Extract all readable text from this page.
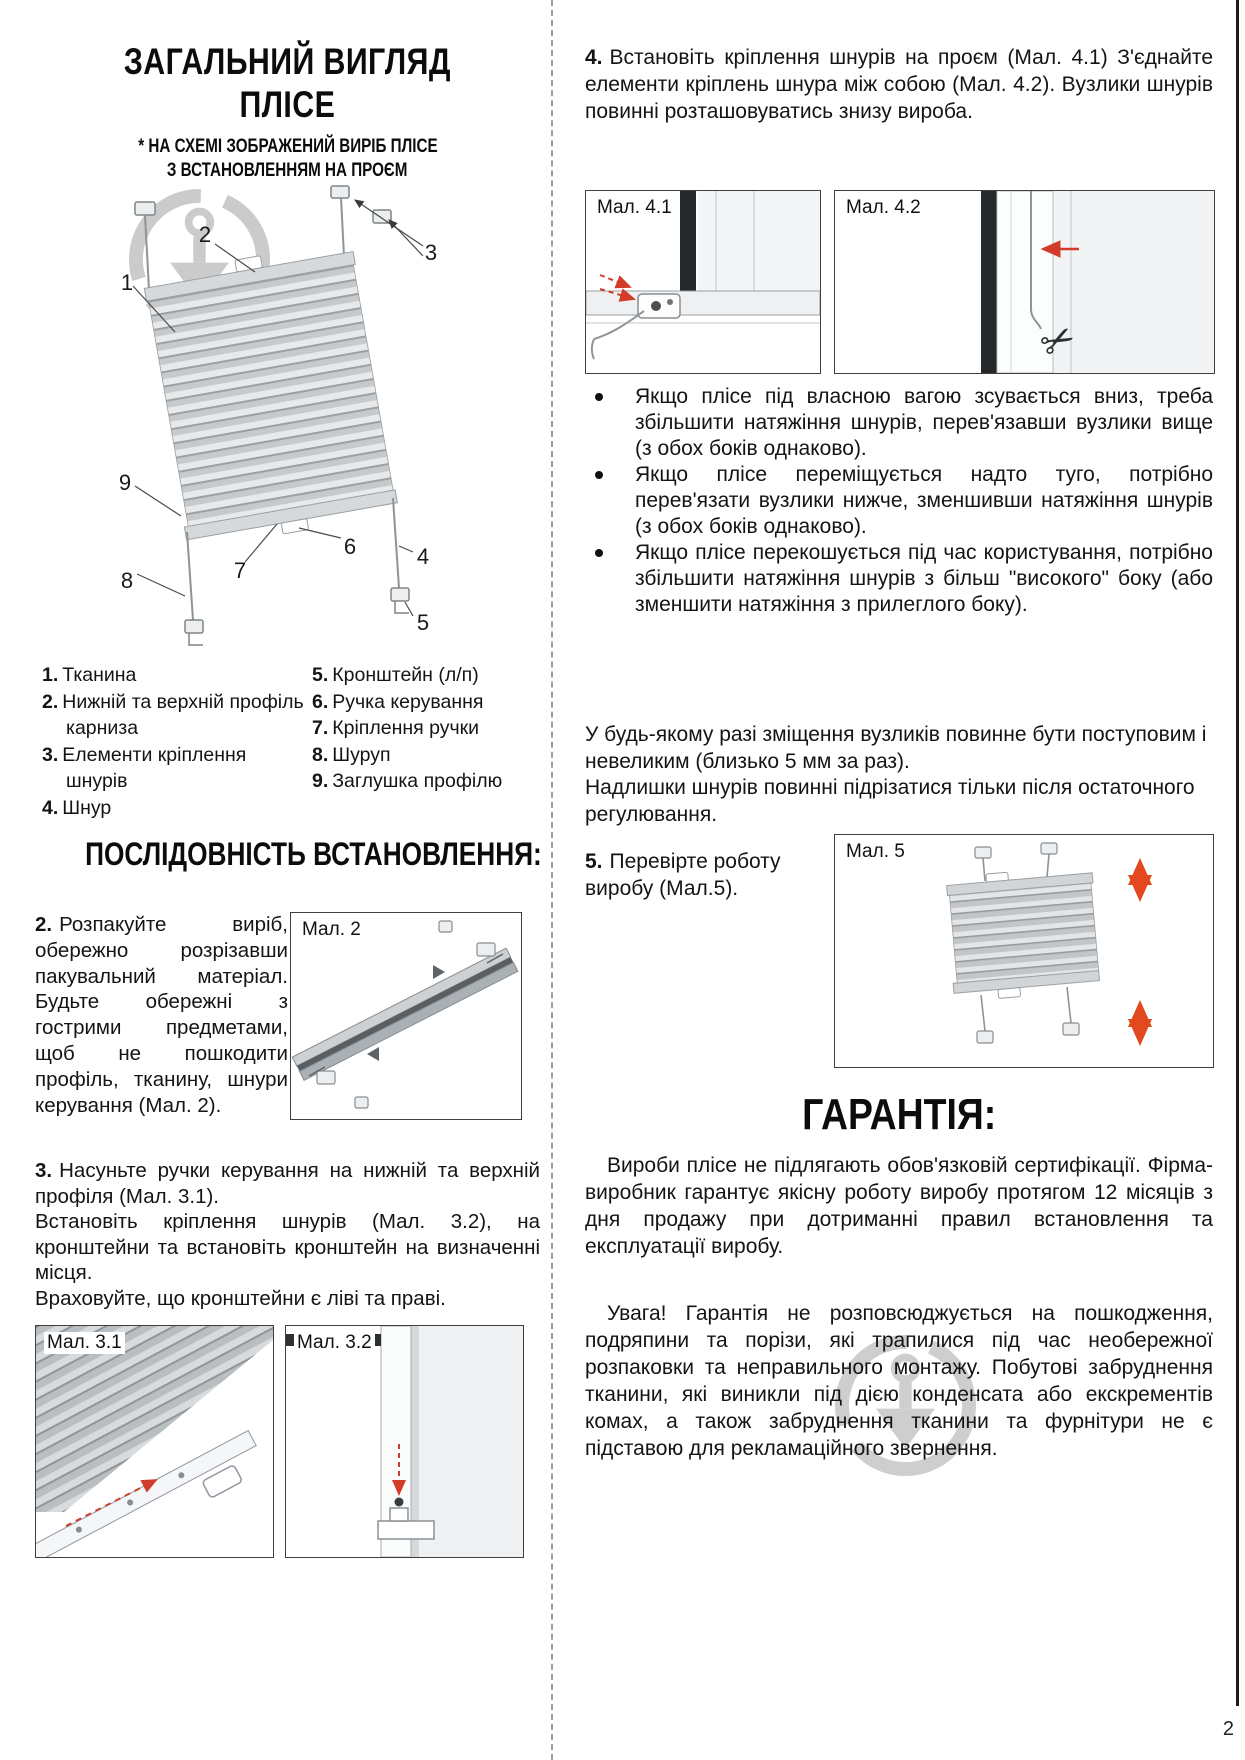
2
ЗАГАЛЬНИЙ ВИГЛЯД
ПЛІСЕ
* НА СХЕМІ ЗОБРАЖЕНИЙ ВИРІБ ПЛІСЕ
З ВСТАНОВЛЕННЯМ НА ПРОЄМ
1
2
3
4
5
6
7
8
9
1. Тканина
2. Нижній та верхній профіль карниза
3. Елементи кріплення шнурів
4. Шнур
5. Кронштейн (л/п)
6. Ручка керування
7. Кріплення ручки
8. Шуруп
9. Заглушка профілю
ПОСЛІДОВНІСТЬ ВСТАНОВЛЕННЯ:
2. Розпакуйте виріб, обережно розрізавши пакувальний матеріал. Будьте обережні з гострими предметами, щоб не пошкодити профіль, тканину, шнури керування (Мал. 2).
Мал. 2

3. Насуньте ручки керування на нижній та верхній профіля (Мал. 3.1).

Встановіть кріплення шнурів (Мал. 3.2), на кронштейни та встановіть кронштейн на визначенні місця.

Враховуйте, що кронштейни є ліві та праві.

Мал. 3.1	Мал. 3.2
4. Встановіть кріплення шнурів на проєм (Мал. 4.1) З'єднайте елементи кріплень шнура між собою (Мал. 4.2). Вузлики шнурів повинні розташовуватись знизу вироба.
Мал. 4.1	Мал. 4.2
✂
Якщо плісе під власною вагою зсувається вниз, треба збільшити натяжіння шнурів, перев'язавши вузлики вище (з обох боків однаково).
Якщо плісе переміщується надто туго, потрібно перев'язати вузлики нижче, зменшивши натяжіння шнурів (з обох боків однаково).
Якщо плісе перекошується під час користування, потрібно збільшити натяжіння шнурів з більш "високого" боку (або зменшити натяжіння з прилеглого боку).

У будь-якому разі зміщення вузликів повинне бути поступовим і невеликим (близько 5 мм за раз).

Надлишки шнурів повинні підрізатися тільки після остаточного регулювання.

5. Перевірте роботу виробу (Мал.5).
Мал. 5
ГАРАНТІЯ:
Вироби плісе не підлягають обов'язковій сертифікації. Фірма-виробник гарантує якісну роботу виробу протягом 12 місяців з дня продажу при дотриманні правил встановлення та експлуатації виробу.
Увага! Гарантія не розповсюджується на пошкодження, подряпини та порізи, які трапилися під час необережної розпаковки та неправильного монтажу. Побутові забруднення тканини, які виникли під дією конденсата або екскрементів комах, а також забруднення тканини та фурнітури не є підставою для рекламаційного звернення.
